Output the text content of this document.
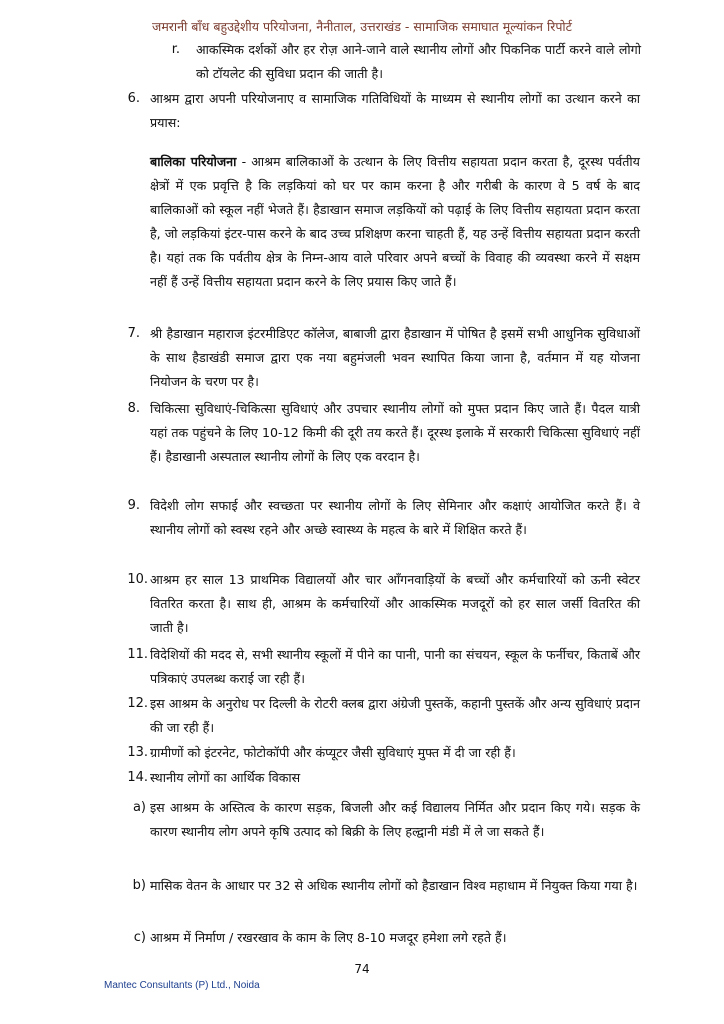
जमरानी बाँध बहुउद्देशीय परियोजना, नैनीताल, उत्तराखंड - सामाजिक समाघात मूल्यांकन रिपोर्ट
r. आकस्मिक दर्शकों और हर रोज़ आने-जाने वाले स्थानीय लोगों और पिकनिक पार्टी करने वाले लोगो को टॉयलेट की सुविधा प्रदान की जाती है।
6. आश्रम द्वारा अपनी परियोजनाए व सामाजिक गतिविधियों के माध्यम से स्थानीय लोगों का उत्थान करने का प्रयास:
बालिका परियोजना - आश्रम बालिकाओं के उत्थान के लिए वित्तीय सहायता प्रदान करता है, दूरस्थ पर्वतीय क्षेत्रों में एक प्रवृत्ति है कि लड़कियां को घर पर काम करना है और गरीबी के कारण वे 5 वर्ष के बाद बालिकाओं को स्कूल नहीं भेजते हैं। हैडाखान समाज लड़कियों को पढ़ाई के लिए वित्तीय सहायता प्रदान करता है, जो लड़कियां इंटर-पास करने के बाद उच्च प्रशिक्षण करना चाहती हैं, यह उन्हें वित्तीय सहायता प्रदान करती है। यहां तक कि पर्वतीय क्षेत्र के निम्न-आय वाले परिवार अपने बच्चों के विवाह की व्यवस्था करने में सक्षम नहीं हैं उन्हें वित्तीय सहायता प्रदान करने के लिए प्रयास किए जाते हैं।
7. श्री हैडाखान महाराज इंटरमीडिएट कॉलेज, बाबाजी द्वारा हैडाखान में पोषित है इसमें सभी आधुनिक सुविधाओं के साथ हैडाखंडी समाज द्वारा एक नया बहुमंजली भवन स्थापित किया जाना है, वर्तमान में यह योजना नियोजन के चरण पर है।
8. चिकित्सा सुविधाएं-चिकित्सा सुविधाएं और उपचार स्थानीय लोगों को मुफ्त प्रदान किए जाते हैं। पैदल यात्री यहां तक पहुंचने के लिए 10-12 किमी की दूरी तय करते हैं। दूरस्थ इलाके में सरकारी चिकित्सा सुविधाएं नहीं हैं। हैडाखानी अस्पताल स्थानीय लोगों के लिए एक वरदान है।
9. विदेशी लोग सफाई और स्वच्छता पर स्थानीय लोगों के लिए सेमिनार और कक्षाएं आयोजित करते हैं। वे स्थानीय लोगों को स्वस्थ रहने और अच्छे स्वास्थ्य के महत्व के बारे में शिक्षित करते हैं।
10. आश्रम हर साल 13 प्राथमिक विद्यालयों और चार आँगनवाड़ियों के बच्चों और कर्मचारियों को ऊनी स्वेटर वितरित करता है। साथ ही, आश्रम के कर्मचारियों और आकस्मिक मजदूरों को हर साल जर्सी वितरित की जाती है।
11. विदेशियों की मदद से, सभी स्थानीय स्कूलों में पीने का पानी, पानी का संचयन, स्कूल के फर्नीचर, किताबें और पत्रिकाएं उपलब्ध कराई जा रही हैं।
12. इस आश्रम के अनुरोध पर दिल्ली के रोटरी क्लब द्वारा अंग्रेजी पुस्तकें, कहानी पुस्तकें और अन्य सुविधाएं प्रदान की जा रही हैं।
13. ग्रामीणों को इंटरनेट, फोटोकॉपी और कंप्यूटर जैसी सुविधाएं मुफ्त में दी जा रही हैं।
14. स्थानीय लोगों का आर्थिक विकास
a) इस आश्रम के अस्तित्व के कारण सड़क, बिजली और कई विद्यालय निर्मित और प्रदान किए गये। सड़क के कारण स्थानीय लोग अपने कृषि उत्पाद को बिक्री के लिए हल्द्वानी मंडी में ले जा सकते हैं।
b) मासिक वेतन के आधार पर 32 से अधिक स्थानीय लोगों को हैडाखान विश्व महाधाम में नियुक्त किया गया है।
c) आश्रम में निर्माण / रखरखाव के काम के लिए 8-10 मजदूर हमेशा लगे रहते हैं।
74
Mantec Consultants (P) Ltd., Noida
